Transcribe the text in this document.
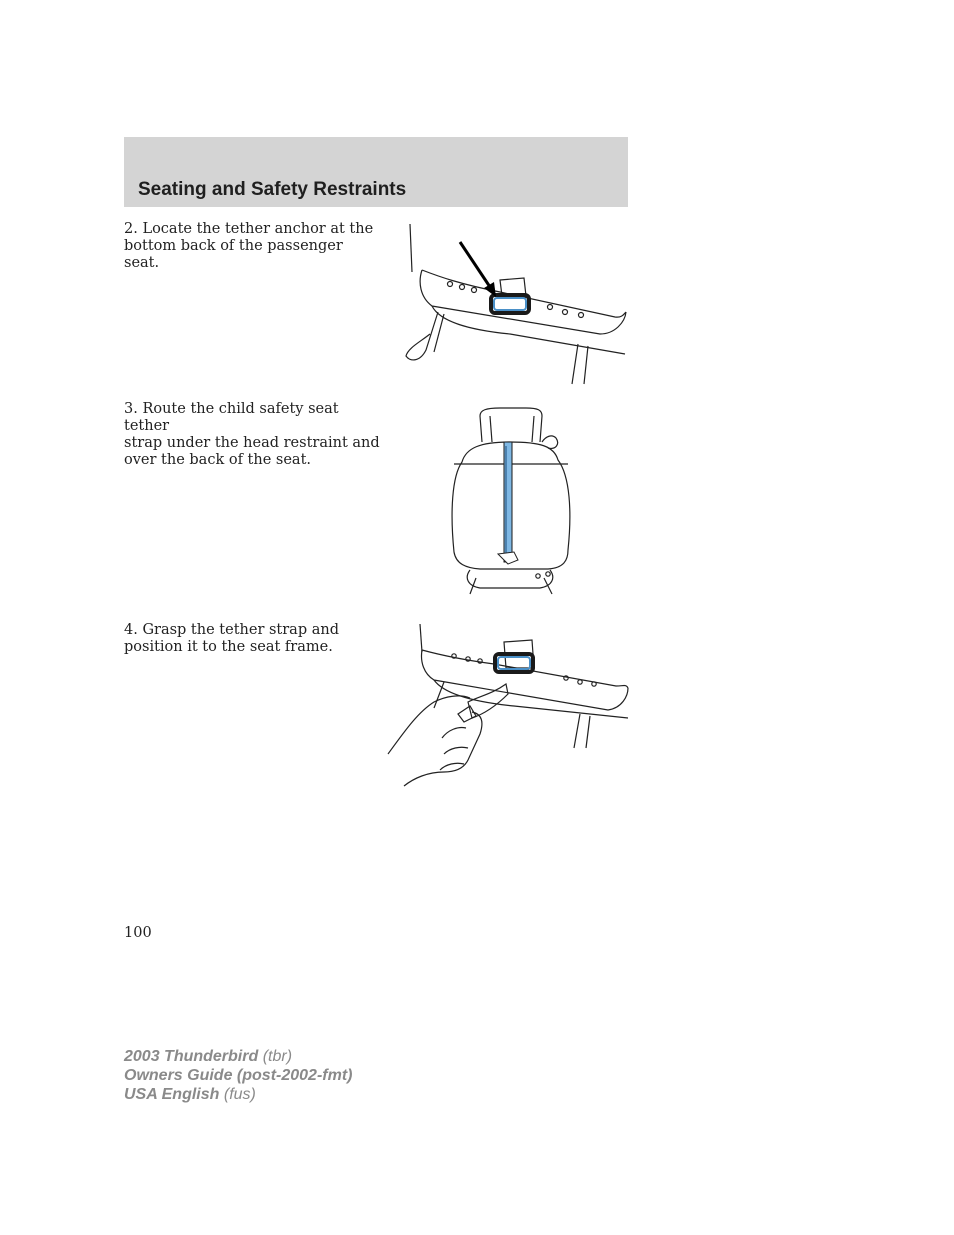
Seating and Safety Restraints
2. Locate the tether anchor at the
bottom back of the passenger seat.
3. Route the child safety seat tether
strap under the head restraint and
over the back of the seat.
4. Grasp the tether strap and
position it to the seat frame.
100
2003 Thunderbird (tbr)
Owners Guide (post-2002-fmt)
USA English (fus)
